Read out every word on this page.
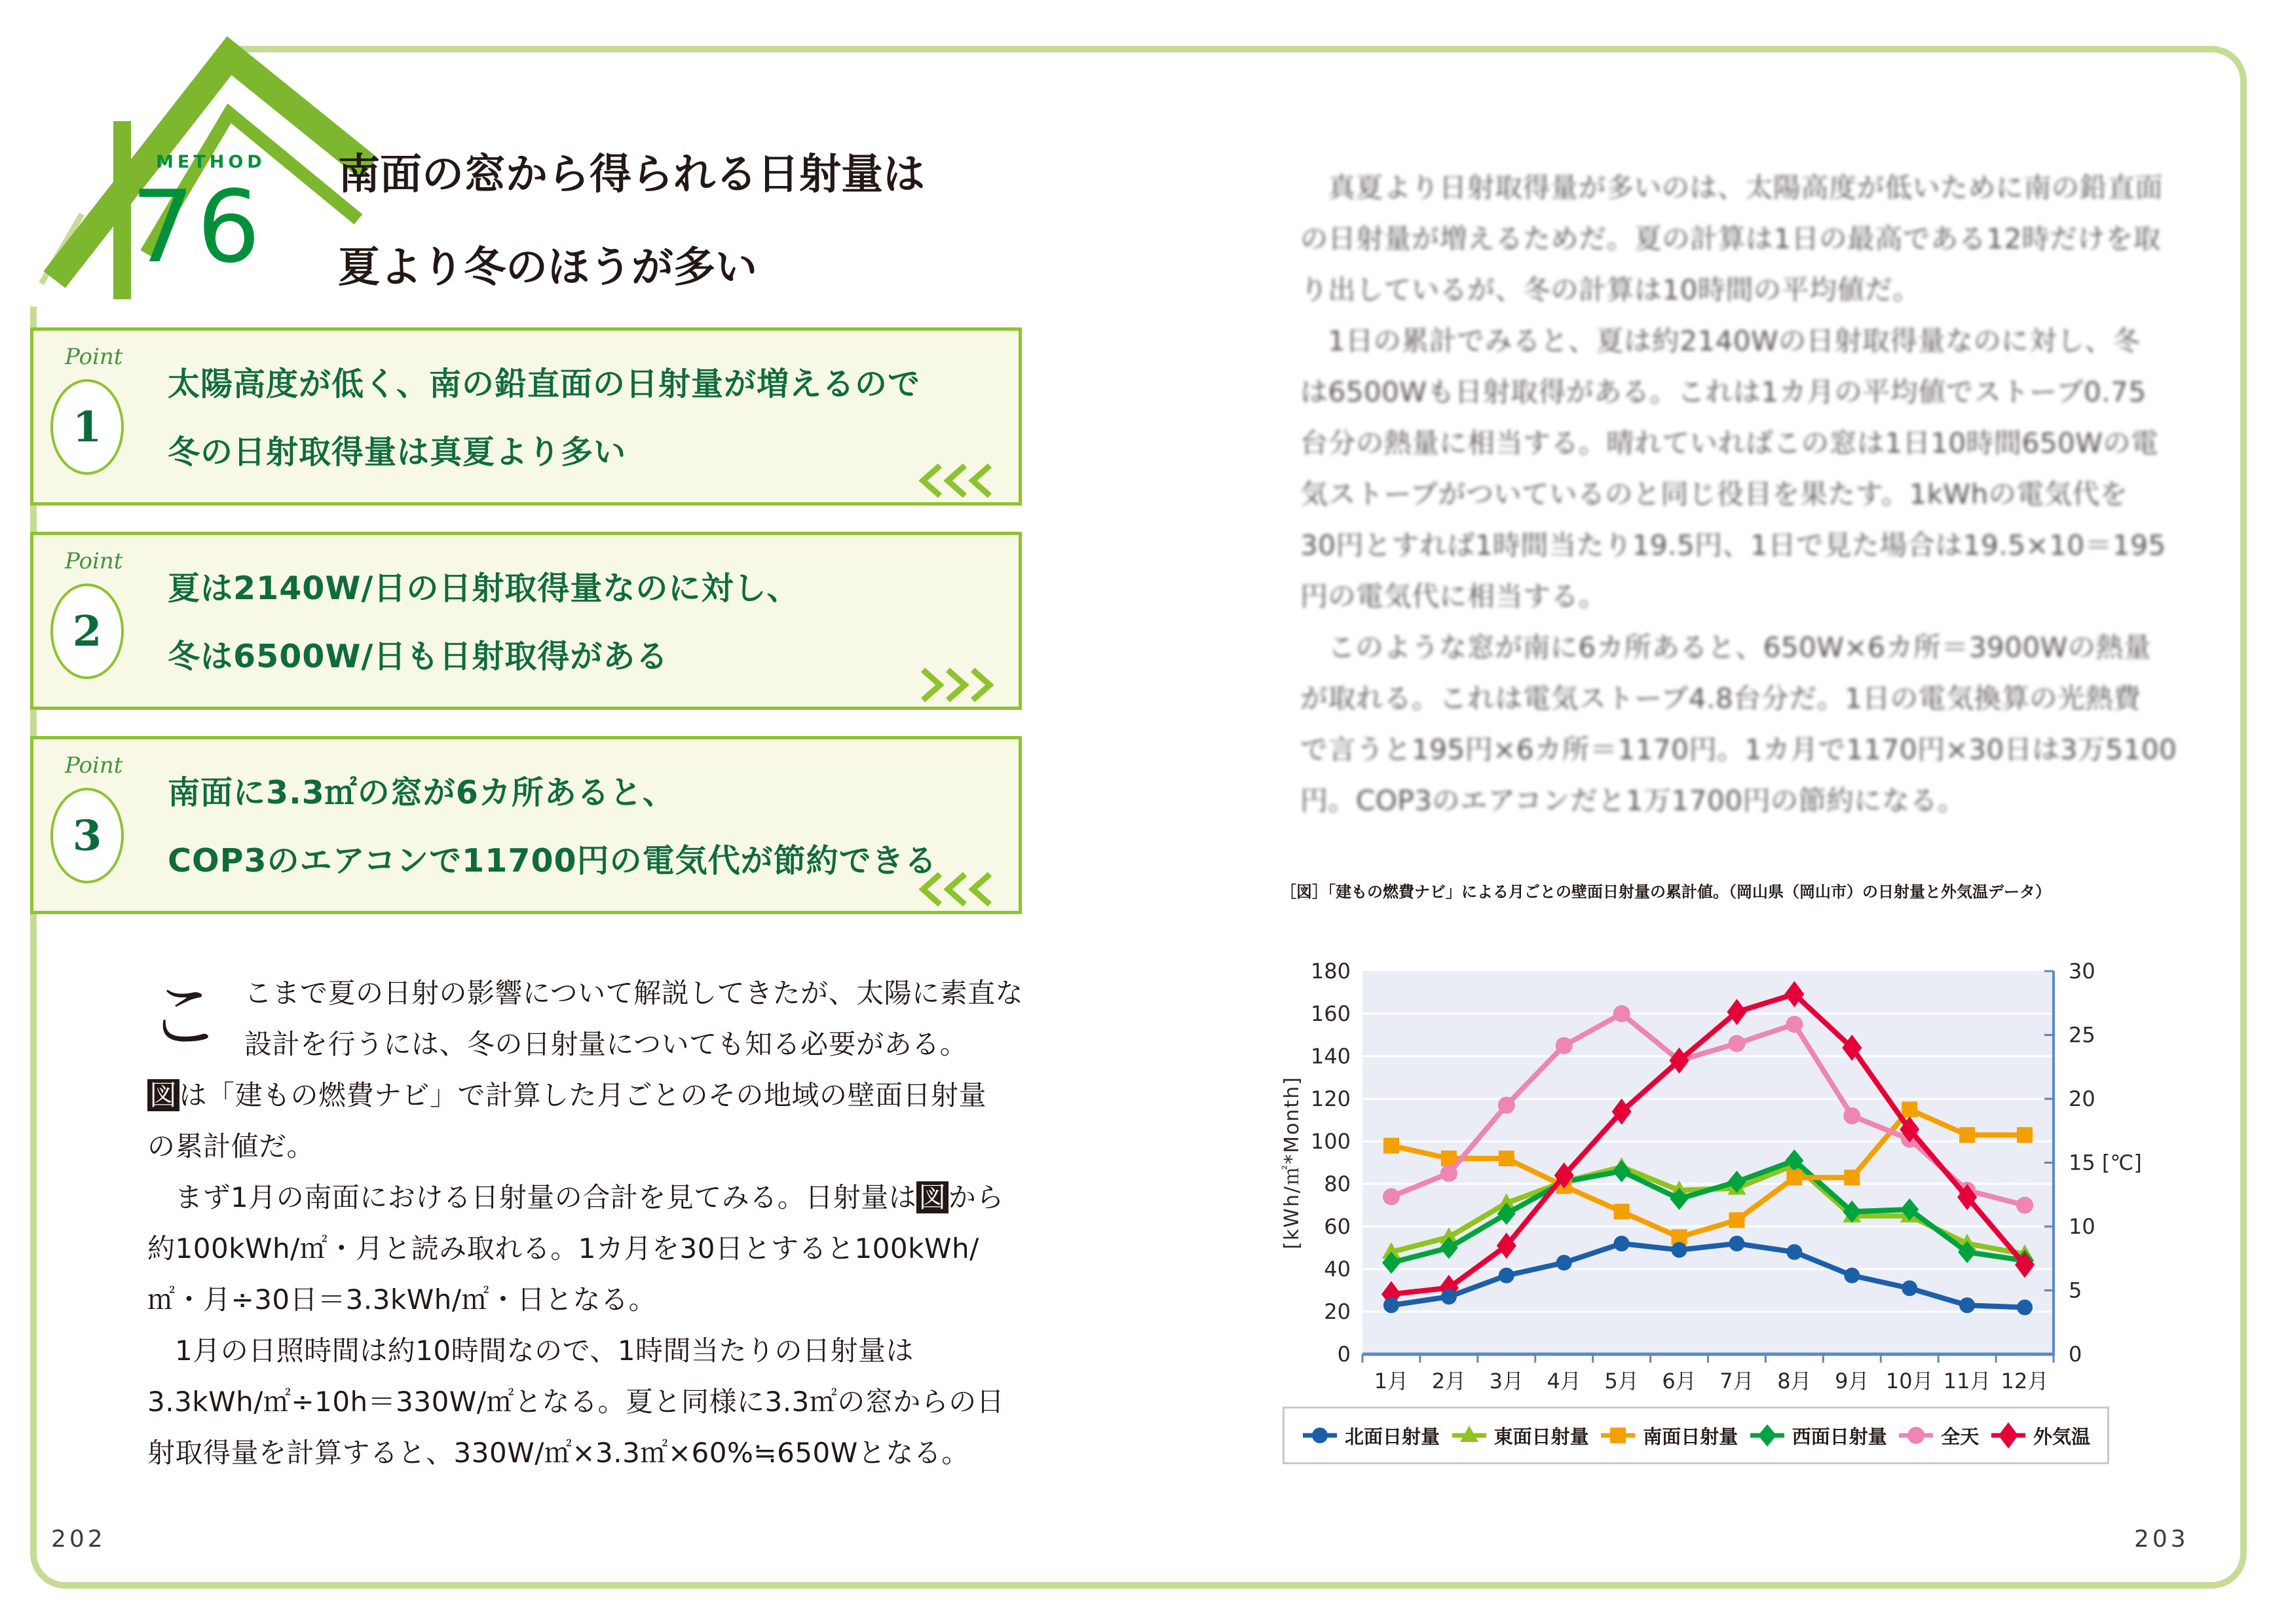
METHOD
76 南面の窓から得られる日射量は
夏より冬のほうが多い
Point
1
太陽高度が低く、南の鉛直面の日射量が増えるので
冬の日射取得量は真夏より多い
Point
2
夏は2140W/日の日射取得量なのに対し、
冬は6500W/日も日射取得がある
Point
3
南面に3.3㎡の窓が6カ所あると、
COP3のエアコンで11700円の電気代が節約できる
こ こまで夏の日射の影響について解説してきたが、太陽に素直な
設計を行うには、冬の日射量についても知る必要がある。
図は「建もの燃費ナビ」で計算した月ごとのその地域の壁面日射量
の累計値だ。
まず1月の南面における日射量の合計を見てみる。日射量は図から
約100kWh/㎡・月と読み取れる。1カ月を30日とすると100kWh/
㎡・月÷30日＝3.3kWh/㎡・日となる。
1月の日照時間は約10時間なので、1時間当たりの日射量は
3.3kWh/㎡÷10h＝330W/㎡となる。夏と同様に3.3㎡の窓からの日
射取得量を計算すると、330W/㎡×3.3㎡×60%≒650Wとなる。
真夏より日射取得量が多いのは、太陽高度が低いために南の鉛直面
の日射量が増えるためだ。夏の計算は1日の最高である12時だけを取
り出しているが、冬の計算は10時間の平均値だ。
1日の累計でみると、夏は約2140Wの日射取得量なのに対し、冬
は6500Wも日射取得がある。これは1カ月の平均値でストーブ0.75
台分の熱量に相当する。晴れていればこの窓は1日10時間650Wの電
気ストーブがついているのと同じ役目を果たす。1kWhの電気代を
30円とすれば1時間当たり19.5円、1日で見た場合は19.5×10＝195
円の電気代に相当する。
このような窓が南に6カ所あると、650W×6カ所＝3900Wの熱量
が取れる。これは電気ストーブ4.8台分だ。1日の電気換算の光熱費
で言うと195円×6カ所＝1170円。1カ月で1170円×30日は3万5100
円。COP3のエアコンだと1万1700円の節約になる。
［図］「建もの燃費ナビ」による月ごとの壁面日射量の累計値。（岡山県（岡山市）の日射量と外気温データ）
0
20
40
60
80
100
120
140
160
180
0
5
10
15 [℃]
20
25
30
1月 2月 3月 4月 5月 6月 7月 8月 9月 10月 11月 12月
[kWh/㎡*Month]
北面日射量	東面日射量	南面日射量	西面日射量	全天	外気温
202	203
